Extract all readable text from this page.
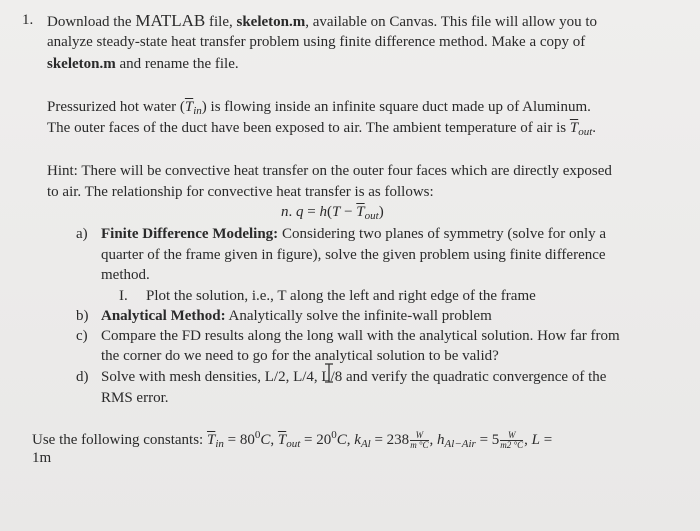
1. Download the MATLAB file, skeleton.m, available on Canvas. This file will allow you to
analyze steady-state heat transfer problem using finite difference method. Make a copy of
skeleton.m and rename the file.
Pressurized hot water $(\overline{T}_{in})$ is flowing inside an infinite square duct made up of Aluminum.
The outer faces of the duct have been exposed to air. The ambient temperature of air is $\overline{T}_{out}$.
Hint: There will be convective heat transfer on the outer four faces which are directly exposed
to air. The relationship for convective heat transfer is as follows:
n. $q = h(T - \overline{T}_{out})$
a) Finite Difference Modeling: Considering two planes of symmetry (solve for only a
quarter of the frame given in figure), solve the given problem using finite difference
method.
I. Plot the solution, i.e., T along the left and right edge of the frame
b) Analytical Method: Analytically solve the infinite-wall problem
c) Compare the FD results along the long wall with the analytical solution. How far from
the corner do we need to go for the analytical solution to be valid?
d) Solve with mesh densities, L/2, L/4, L/8 and verify the quadratic convergence of the
RMS error.
Use the following constants: $\overline{T}_{in} = 80^0C$, $\overline{T}_{out} = 20^0C$, $k_{Al} = 238 \frac{W}{m ^\circ C}$ , $h_{Al-Air} = 5 \frac{W}{m2 ^\circ C}$ , L =
1m
